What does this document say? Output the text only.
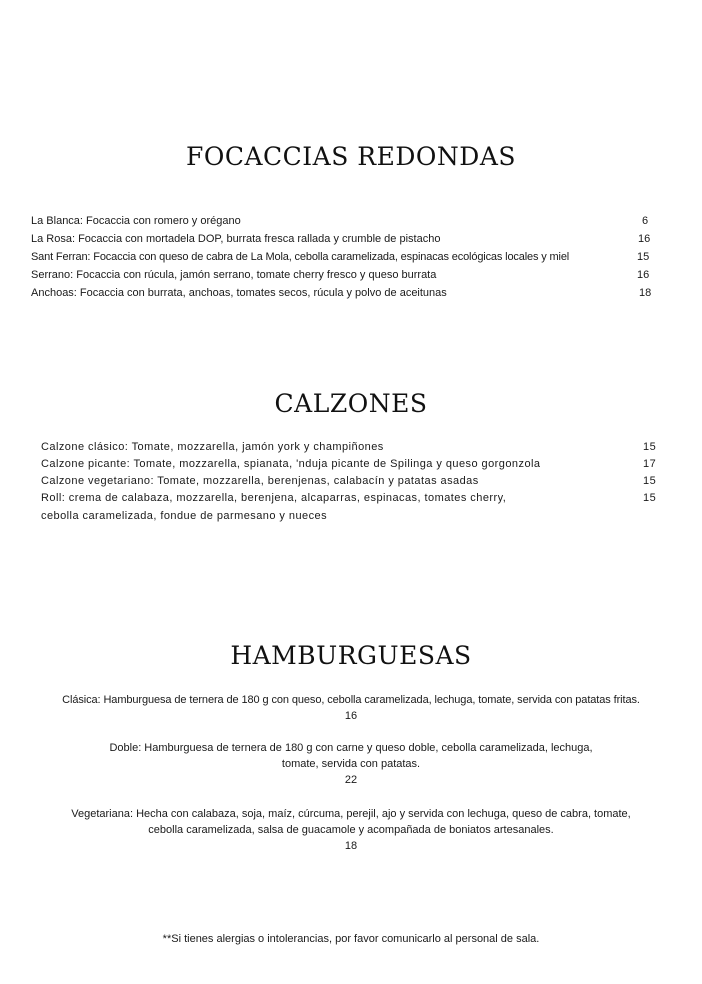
FOCACCIAS REDONDAS
La Blanca: Focaccia con romero y orégano	6
La Rosa: Focaccia con mortadela DOP, burrata fresca rallada y crumble de pistacho	16
Sant Ferran: Focaccia con queso de cabra de La Mola, cebolla caramelizada, espinacas ecológicas locales y miel	15
Serrano: Focaccia con rúcula, jamón serrano, tomate cherry fresco y queso burrata	16
Anchoas: Focaccia con burrata, anchoas, tomates secos, rúcula y polvo de aceitunas	18
CALZONES
Calzone clásico: Tomate, mozzarella, jamón york y champiñones	15
Calzone picante: Tomate, mozzarella, spianata, 'nduja picante de Spilinga y queso gorgonzola	17
Calzone vegetariano: Tomate, mozzarella, berenjenas, calabacín y patatas asadas	15
Roll: crema de calabaza, mozzarella, berenjena, alcaparras, espinacas, tomates cherry,	15
cebolla caramelizada, fondue de parmesano y nueces
HAMBURGUESAS
Clásica: Hamburguesa de ternera de 180 g con queso, cebolla caramelizada, lechuga, tomate, servida con patatas fritas.
16
Doble: Hamburguesa de ternera de 180 g con carne y queso doble, cebolla caramelizada, lechuga,
tomate, servida con patatas.
22
Vegetariana: Hecha con calabaza, soja, maíz, cúrcuma, perejil, ajo y servida con lechuga, queso de cabra, tomate,
cebolla caramelizada, salsa de guacamole y acompañada de boniatos artesanales.
18
**Si tienes alergias o intolerancias, por favor comunicarlo al personal de sala.
